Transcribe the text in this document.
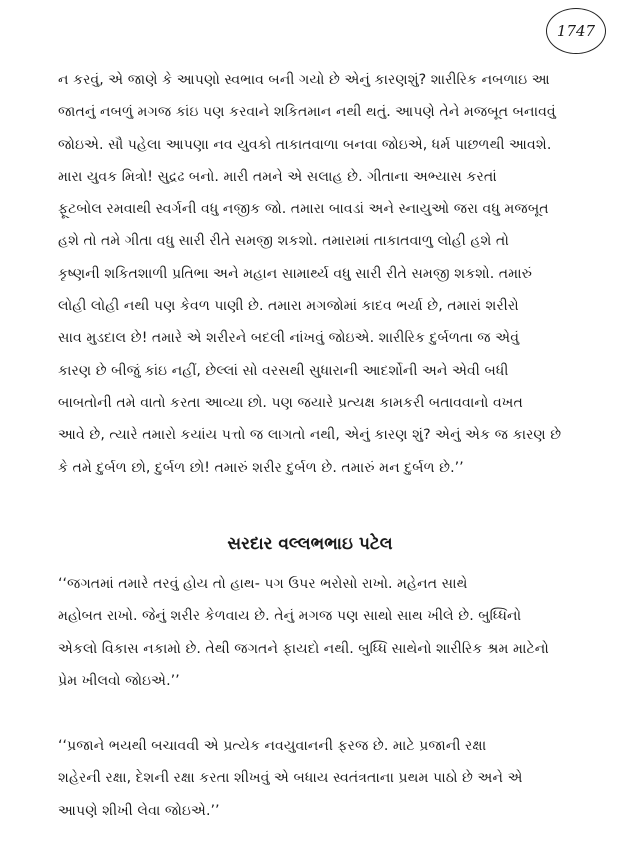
1747

ન કરવું, એ જાણે કે આપણો સ્વભાવ બની ગયો છે એનું કારણશું? શારીરિક નબળાઇ આ
જાતનું નબળું મગજ કાંઇ પણ કરવાને શકિતમાન નથી થતું. આપણે તેને મજબૂત બનાવવું
જોઇએ. સૌ પહેલા આપણા નવ યુવકો તાકાતવાળા બનવા જોઇએ, ધર્મ પાછળથી આવશે.
મારા યુવક મિત્રો! સુદ્રઢ બનો. મારી તમને એ સલાહ છે. ગીતાના અભ્યાસ કરતાં
ફૂટબોલ રમવાથી સ્વર્ગની વધુ નજીક જો. તમારા બાવડાં અને સ્નાયુઓ જરા વધુ મજબૂત
હશે તો તમે ગીતા વધુ સારી રીતે સમજી શકશો. તમારામાં તાકાતવાળુ લોહી હશે તો
કૃષ્ણની શકિતશાળી પ્રતિભા અને મહાન સામાર્થ્ય વધુ સારી રીતે સમજી શકશો. તમારું
લોહી લોહી નથી પણ કેવળ પાણી છે. તમારા મગજોમાં કાદવ ભર્યા છે, તમારાં શરીરો
સાવ મુડદાલ છે! તમારે એ શરીરને બદલી નાંખવું જોઇએ. શારીરિક દુર્બળતા જ એવું
કારણ છે બીજું કાંઇ નહીં, છેલ્લાં સો વરસથી સુધારાની આદર્શોની અને એવી બધી
બાબતોની તમે વાતો કરતા આવ્યા છો. પણ જયારે પ્રત્યક્ષ કામકરી બતાવવાનો વખત
આવે છે, ત્યારે તમારો કયાંય પત્તો જ લાગતો નથી, એનું કારણ શું? એનું એક જ કારણ છે
કે તમે દુર્બળ છો, દુર્બળ છો! તમારું શરીર દુર્બળ છે. તમારું મન દુર્બળ છે.’’

સરદાર વલ્લભભાઇ પટેલ

‘‘જગતમાં તમારે તરવું હોય તો હાથ- પગ ઉપર ભરોસો રાખો. મહેનત સાથે
મહોબત રાખો. જેનું શરીર કેળવાય છે. તેનું મગજ પણ સાથો સાથ ખીલે છે. બુધ્ધિનો
એકલો વિકાસ નકામો છે. તેથી જગતને ફાયદો નથી. બુધ્ધિ સાથેનો શારીરિક શ્રમ માટેનો
પ્રેમ ખીલવો જોઇએ.’’

‘‘પ્રજાને ભયથી બચાવવી એ પ્રત્યેક નવયુવાનની ફરજ છે. માટે પ્રજાની રક્ષા
શહેરની રક્ષા, દેશની રક્ષા કરતા શીખવું એ બધાય સ્વતંત્રતાના પ્રથમ પાઠો છે અને એ
આપણે શીખી લેવા જોઇએ.’’
